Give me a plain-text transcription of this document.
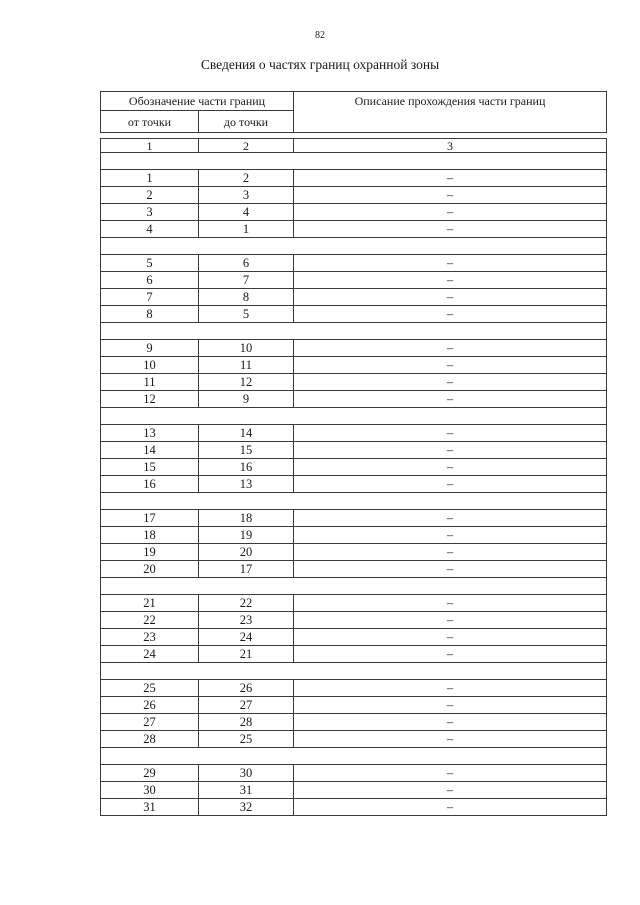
82
Сведения о частях границ охранной зоны
Обозначение части границ		Описание прохождения части границ
от точки	до точки	

1	2	3

1	2	–
2	3	–
3	4	–
4	1	–

5	6	–
6	7	–
7	8	–
8	5	–

9	10	–
10	11	–
11	12	–
12	9	–

13	14	–
14	15	–
15	16	–
16	13	–

17	18	–
18	19	–
19	20	–
20	17	–

21	22	–
22	23	–
23	24	–
24	21	–

25	26	–
26	27	–
27	28	–
28	25	–

29	30	–
30	31	–
31	32	–
